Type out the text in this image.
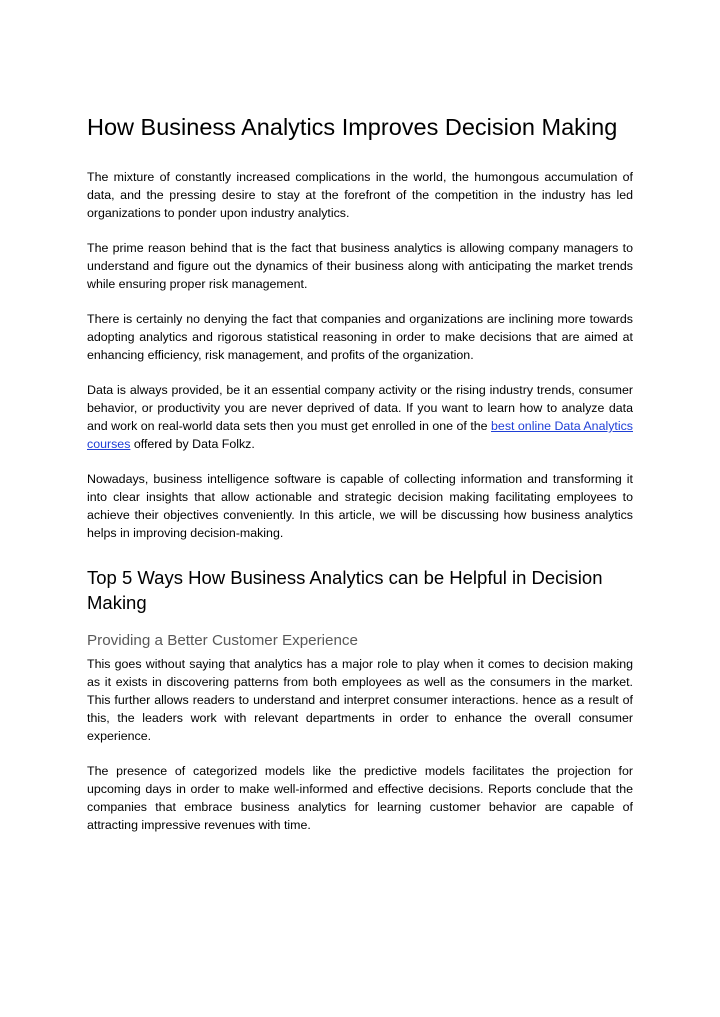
How Business Analytics Improves Decision Making

The mixture of constantly increased complications in the world, the humongous accumulation of data, and the pressing desire to stay at the forefront of the competition in the industry has led organizations to ponder upon industry analytics.

The prime reason behind that is the fact that business analytics is allowing company managers to understand and figure out the dynamics of their business along with anticipating the market trends while ensuring proper risk management.

There is certainly no denying the fact that companies and organizations are inclining more towards adopting analytics and rigorous statistical reasoning in order to make decisions that are aimed at enhancing efficiency, risk management, and profits of the organization.

Data is always provided, be it an essential company activity or the rising industry trends, consumer behavior, or productivity you are never deprived of data. If you want to learn how to analyze data and work on real-world data sets then you must get enrolled in one of the best online Data Analytics courses offered by Data Folkz.

Nowadays, business intelligence software is capable of collecting information and transforming it into clear insights that allow actionable and strategic decision making facilitating employees to achieve their objectives conveniently. In this article, we will be discussing how business analytics helps in improving decision-making.

Top 5 Ways How Business Analytics can be Helpful in Decision Making
Providing a Better Customer Experience

This goes without saying that analytics has a major role to play when it comes to decision making as it exists in discovering patterns from both employees as well as the consumers in the market. This further allows readers to understand and interpret consumer interactions. hence as a result of this, the leaders work with relevant departments in order to enhance the overall consumer experience.

The presence of categorized models like the predictive models facilitates the projection for upcoming days in order to make well-informed and effective decisions. Reports conclude that the companies that embrace business analytics for learning customer behavior are capable of attracting impressive revenues with time.
